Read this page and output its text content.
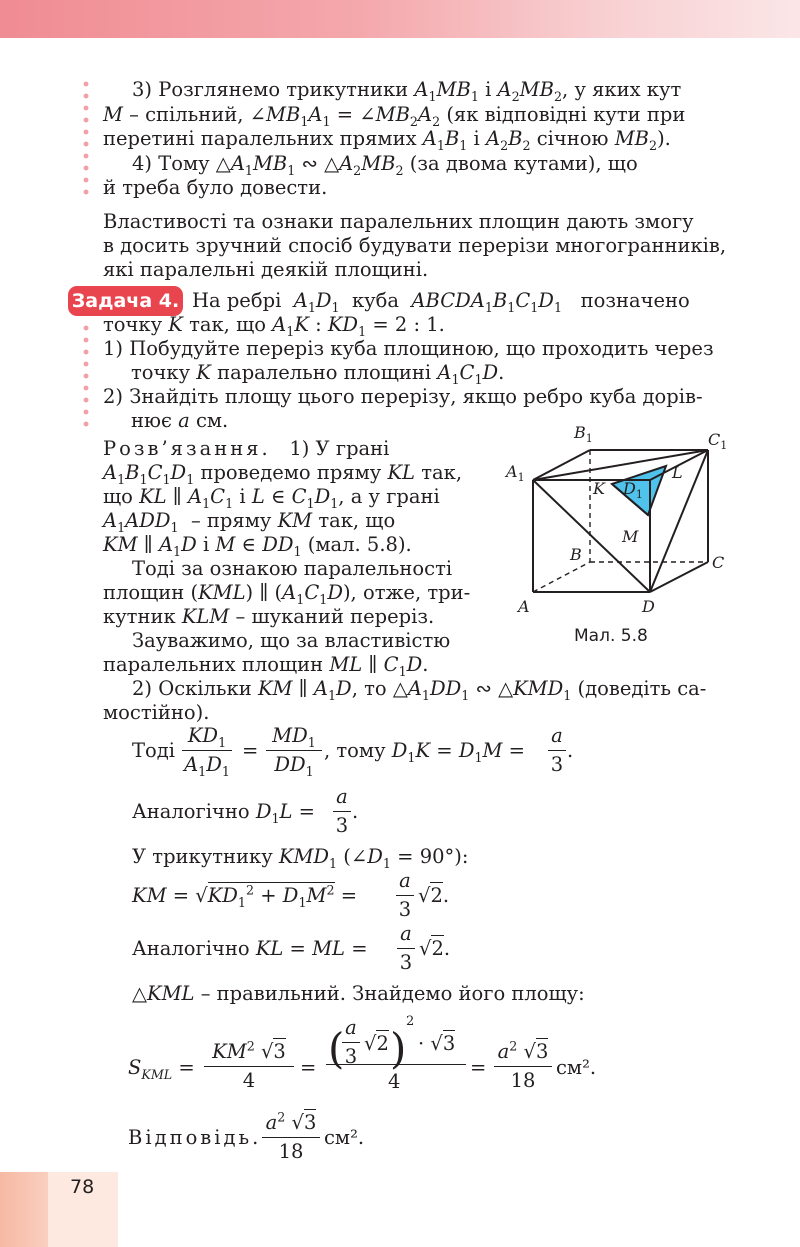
3) Розглянемо трикутники $A_1MB_1$ і $A_2MB_2$, у яких кут
M – спільний, $\angle MB_1A_1$ = $\angle MB_2A_2$ (як відповідні кути при
перетині паралельних прямих $A_1B_1$ і $A_2B_2$ січною $MB_2$).
4) Тому $\triangle A_1MB_1$ ∾ $\triangle A_2MB_2$ (за двома кутами), що
й треба було довести.
Властивості та ознаки паралельних площин дають змогу
в досить зручний спосіб будувати перерізи многогранників,
які паралельні деякій площині.
Задача 4. На ребрі $A_1D_1$ куба $ABCDA_1B_1C_1D_1$ позначено
точку K так, що $A_1K$ : $KD_1 = 2$ : 1.
1) Побудуйте переріз куба площиною, що проходить через
точку K паралельно площині $A_1C_1D$.
2) Знайдіть площу цього перерізу, якщо ребро куба дорів-
нює a см.
Розв’язання. 1) У грані
$A_1B_1C_1D_1$ проведемо пряму KL так,
що KL ∥ $A_1C_1$ і L ∈ $C_1D_1$, а у грані
$A_1ADD_1$ – пряму KM так, що
KM ∥ $A_1D$ і M ∈ $DD_1$ (мал. 5.8).
Тоді за ознакою паралельності
площин (KML) ∥ $(A_1C_1D)$, отже, три-
кутник KLM – шуканий переріз.
Зауважимо, що за властивістю
паралельних площин ML ∥ $C_1D$.
A
B	C
D
$A_1$
$B_1$	$C_1$
$D_1$
K
L
M
Мал. 5.8
2) Оскільки KM ∥ $A_1D$, то $\triangle A_1DD_1$ ∾ $\triangle KMD_1$ (доведіть са-
мостійно).
Тоді
$KD_1$
$A_1D_1$
=
$MD_1$
$DD_1$
, тому $D_1K = D_1M$ =
a
3
.
Аналогічно $D_1L$ =
a
3
.
У трикутнику $KMD_1$ $(\angle D_1 = 90^\circ)$:
KM = $√KD_1^2 + D_1M^2$ =
a
3
√2.
Аналогічно KL = ML =
a
3
√2.
△KML – правильний. Знайдемо його площу:
$S_{KML}$ =
$KM^2$ √3
4
= ( a
3
√2 )
2
· √3
4
=
$a^2$ √3
18
см².
Відповідь.
$a^2$ √3
18
см².
78
